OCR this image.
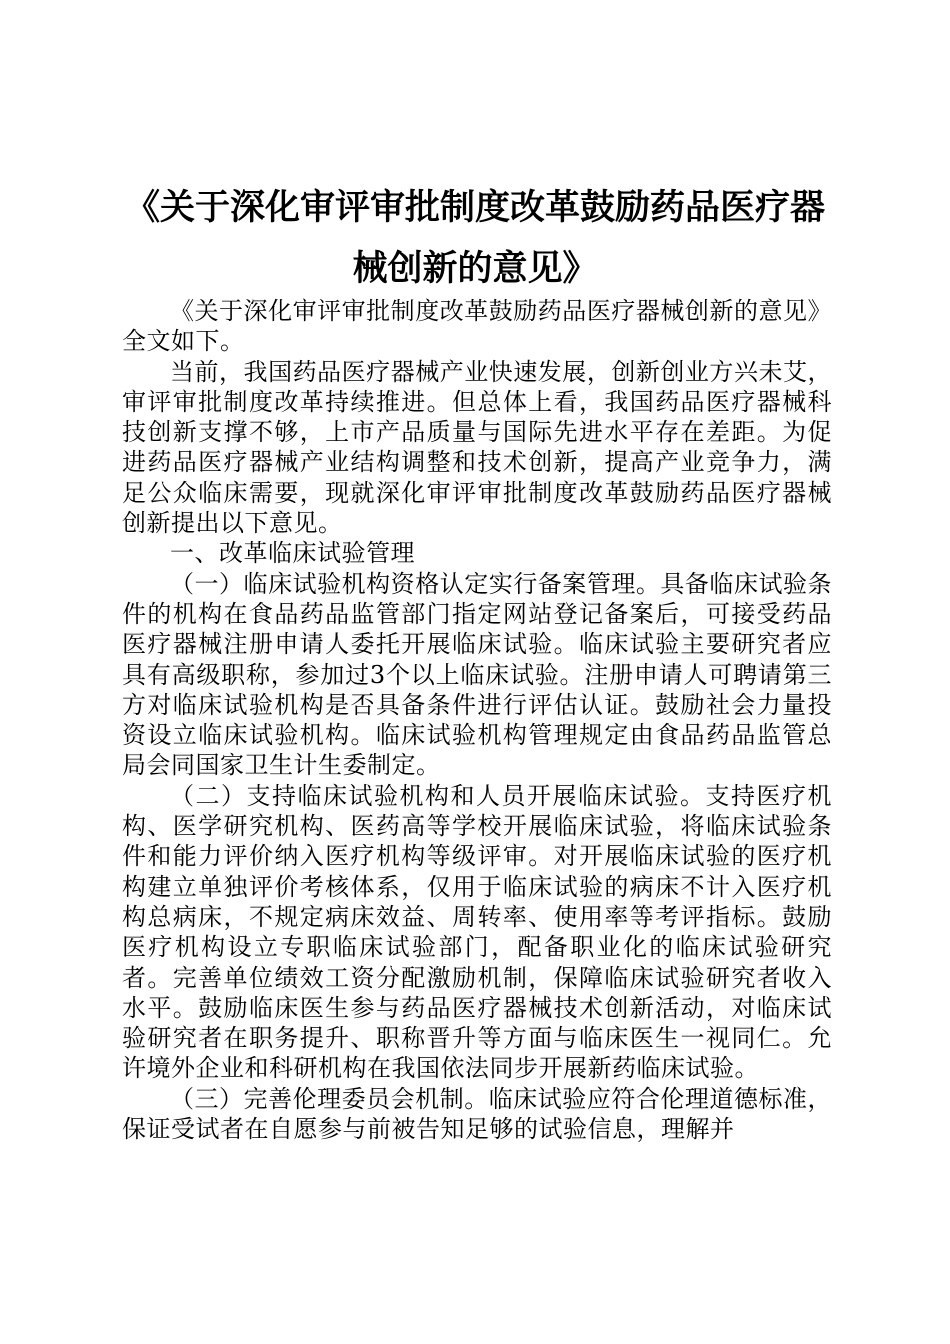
《关于深化审评审批制度改革鼓励药品医疗器
械创新的意见》

《关于深化审评审批制度改革鼓励药品医疗器械创新的意见》全文如下。

当前，我国药品医疗器械产业快速发展，创新创业方兴未艾，审评审批制度改革持续推进。但总体上看，我国药品医疗器械科技创新支撑不够，上市产品质量与国际先进水平存在差距。为促进药品医疗器械产业结构调整和技术创新，提高产业竞争力，满足公众临床需要，现就深化审评审批制度改革鼓励药品医疗器械创新提出以下意见。

一、改革临床试验管理

（一）临床试验机构资格认定实行备案管理。具备临床试验条件的机构在食品药品监管部门指定网站登记备案后，可接受药品医疗器械注册申请人委托开展临床试验。临床试验主要研究者应具有高级职称，参加过3个以上临床试验。注册申请人可聘请第三方对临床试验机构是否具备条件进行评估认证。鼓励社会力量投资设立临床试验机构。临床试验机构管理规定由食品药品监管总局会同国家卫生计生委制定。

（二）支持临床试验机构和人员开展临床试验。支持医疗机构、医学研究机构、医药高等学校开展临床试验，将临床试验条件和能力评价纳入医疗机构等级评审。对开展临床试验的医疗机构建立单独评价考核体系，仅用于临床试验的病床不计入医疗机构总病床，不规定病床效益、周转率、使用率等考评指标。鼓励医疗机构设立专职临床试验部门，配备职业化的临床试验研究者。完善单位绩效工资分配激励机制，保障临床试验研究者收入水平。鼓励临床医生参与药品医疗器械技术创新活动，对临床试验研究者在职务提升、职称晋升等方面与临床医生一视同仁。允许境外企业和科研机构在我国依法同步开展新药临床试验。

（三）完善伦理委员会机制。临床试验应符合伦理道德标准，保证受试者在自愿参与前被告知足够的试验信息，理解并
